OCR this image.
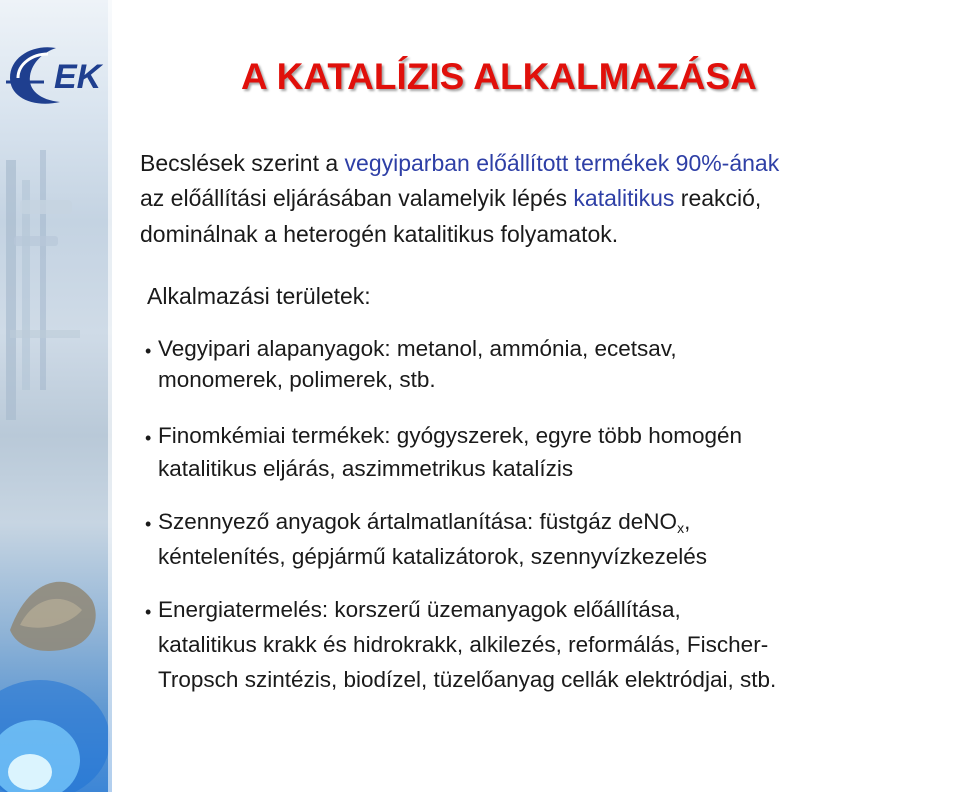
EK	A KATALÍZIS ALKALMAZÁSA
Becslések szerint a vegyiparban előállított termékek 90%-ának
az előállítási eljárásában valamelyik lépés katalitikus reakció,
dominálnak a heterogén katalitikus folyamatok.
Alkalmazási területek:
• Vegyipari alapanyagok: metanol, ammónia, ecetsav,
monomerek, polimerek, stb.
• Finomkémiai termékek: gyógyszerek, egyre több homogén
katalitikus eljárás, aszimmetrikus katalízis
• Szennyező anyagok ártalmatlanítása: füstgáz deNO$_x$,
kéntelenítés, gépjármű katalizátorok, szennyvízkezelés
• Energiatermelés: korszerű üzemanyagok előállítása,
katalitikus krakk és hidrokrakk, alkilezés, reformálás, Fischer-
Tropsch szintézis, biodízel, tüzelőanyag cellák elektródjai, stb.
